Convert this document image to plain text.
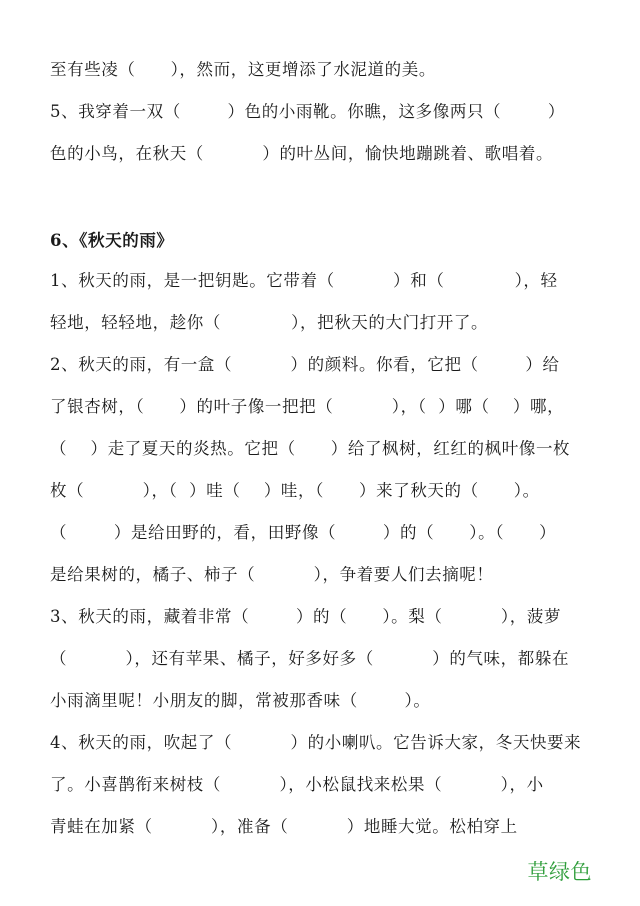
至有些凌（      ），然而，这更增添了水泥道的美。
5、我穿着一双（        ）色的小雨靴。你瞧，这多像两只（        ）
色的小鸟，在秋天（          ）的叶丛间，愉快地蹦跳着、歌唱着。
6、《秋天的雨》
1、秋天的雨，是一把钥匙。它带着（          ）和（            ），轻
轻地，轻轻地，趁你（            ），把秋天的大门打开了。
2、秋天的雨，有一盒（          ）的颜料。你看，它把（        ）给
了银杏树，（      ）的叶子像一把把（          ），（  ）哪（    ）哪，
（    ）走了夏天的炎热。它把（      ）给了枫树，红红的枫叶像一枚
枚（          ），（  ）哇（    ）哇，（      ）来了秋天的（      ）。
（        ）是给田野的，看，田野像（        ）的（      ）。（      ）
是给果树的，橘子、柿子（          ），争着要人们去摘呢！
3、秋天的雨，藏着非常（        ）的（      ）。梨（          ），菠萝
（          ），还有苹果、橘子，好多好多（          ）的气味，都躲在
小雨滴里呢！小朋友的脚，常被那香味（        ）。
4、秋天的雨，吹起了（          ）的小喇叭。它告诉大家，冬天快要来
了。小喜鹊衔来树枝（          ），小松鼠找来松果（          ），小
青蛙在加紧（          ），准备（          ）地睡大觉。松柏穿上
草绿色
